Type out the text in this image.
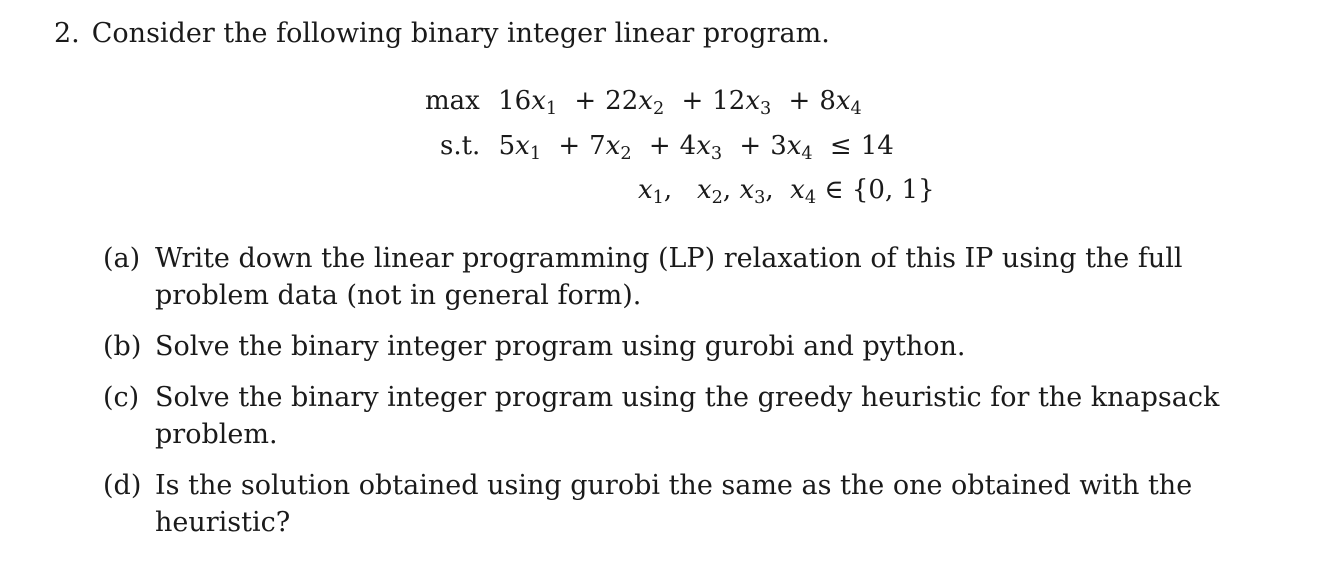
2. Consider the following binary integer linear program.
$\max 16x_1 + 22x_2 + 12x_3 + 8x_4$
s.t. $5x_1 + 7x_2 + 4x_3 + 3x_4 \le 14$
$x_1$, $x_2$, $x_3$, $x_4$ ∈ {0, 1}
(a) Write down the linear programming (LP) relaxation of this IP using the full problem data (not in general form).
(b) Solve the binary integer program using gurobi and python.
(c) Solve the binary integer program using the greedy heuristic for the knapsack problem.
(d) Is the solution obtained using gurobi the same as the one obtained with the heuristic?
